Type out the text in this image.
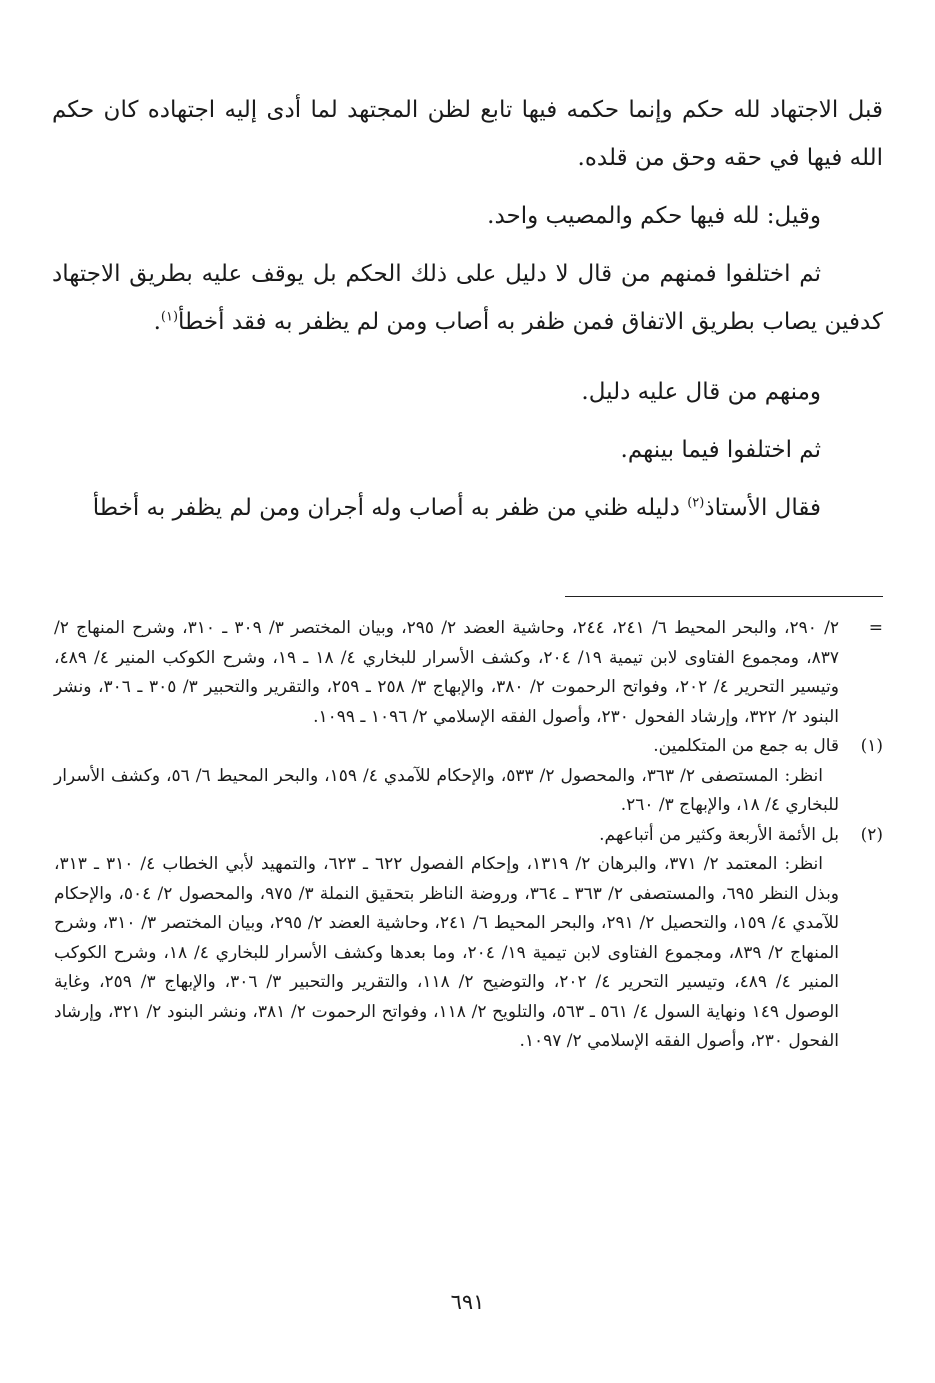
قبل الاجتهاد لله حكم وإنما حكمه فيها تابع لظن المجتهد لما أدى إليه اجتهاده كان حكم الله فيها في حقه وحق من قلده.

وقيل: لله فيها حكم والمصيب واحد.

ثم اختلفوا فمنهم من قال لا دليل على ذلك الحكم بل يوقف عليه بطريق الاجتهاد كدفين يصاب بطريق الاتفاق فمن ظفر به أصاب ومن لم يظفر به فقد أخطأ$^{(١)}$.

ومنهم من قال عليه دليل.

ثم اختلفوا فيما بينهم.

فقال الأستاذ$^{(٢)}$ دليله ظني من ظفر به أصاب وله أجران ومن لم يظفر به أخطأ

=
٢/ ٢٩٠، والبحر المحيط ٦/ ٢٤١، ٢٤٤، وحاشية العضد ٢/ ٢٩٥، وبيان المختصر ٣/ ٣٠٩ ـ ٣١٠، وشرح المنهاج ٢/ ٨٣٧، ومجموع الفتاوى لابن تيمية ١٩/ ٢٠٤، وكشف الأسرار للبخاري ٤/ ١٨ ـ ١٩، وشرح الكوكب المنير ٤/ ٤٨٩، وتيسير التحرير ٤/ ٢٠٢، وفواتح الرحموت ٢/ ٣٨٠، والإبهاج ٣/ ٢٥٨ ـ ٢٥٩، والتقرير والتحبير ٣/ ٣٠٥ ـ ٣٠٦، ونشر البنود ٢/ ٣٢٢، وإرشاد الفحول ٢٣٠، وأصول الفقه الإسلامي ٢/ ١٠٩٦ ـ ١٠٩٩.
(١)
قال به جمع من المتكلمين.
انظر: المستصفى ٢/ ٣٦٣، والمحصول ٢/ ٥٣٣، والإحكام للآمدي ٤/ ١٥٩، والبحر المحيط ٦/ ٥٦، وكشف الأسرار للبخاري ٤/ ١٨، والإبهاج ٣/ ٢٦٠.
(٢)
بل الأئمة الأربعة وكثير من أتباعهم.
انظر: المعتمد ٢/ ٣٧١، والبرهان ٢/ ١٣١٩، وإحكام الفصول ٦٢٢ ـ ٦٢٣، والتمهيد لأبي الخطاب ٤/ ٣١٠ ـ ٣١٣، وبذل النظر ٦٩٥، والمستصفى ٢/ ٣٦٣ ـ ٣٦٤، وروضة الناظر بتحقيق النملة ٣/ ٩٧٥، والمحصول ٢/ ٥٠٤، والإحكام للآمدي ٤/ ١٥٩، والتحصيل ٢/ ٢٩١، والبحر المحيط ٦/ ٢٤١، وحاشية العضد ٢/ ٢٩٥، وبيان المختصر ٣/ ٣١٠، وشرح المنهاج ٢/ ٨٣٩، ومجموع الفتاوى لابن تيمية ١٩/ ٢٠٤، وما بعدها وكشف الأسرار للبخاري ٤/ ١٨، وشرح الكوكب المنير ٤/ ٤٨٩، وتيسير التحرير ٤/ ٢٠٢، والتوضيح ٢/ ١١٨، والتقرير والتحبير ٣/ ٣٠٦، والإبهاج ٣/ ٢٥٩، وغاية الوصول ١٤٩ ونهاية السول ٤/ ٥٦١ ـ ٥٦٣، والتلويح ٢/ ١١٨، وفواتح الرحموت ٢/ ٣٨١، ونشر البنود ٢/ ٣٢١، وإرشاد الفحول ٢٣٠، وأصول الفقه الإسلامي ٢/ ١٠٩٧.
٦٩١
